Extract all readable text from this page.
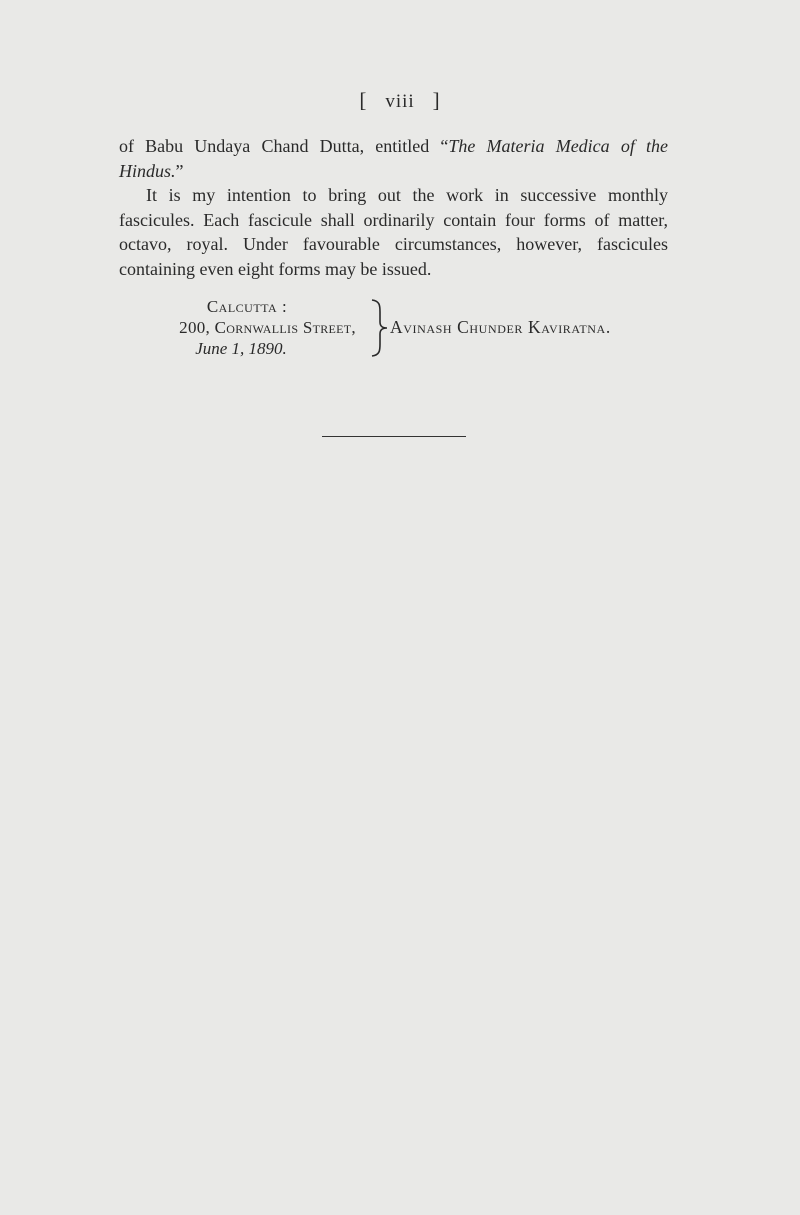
[ viii ]

of Babu Undaya Chand Dutta, entitled “The Materia Medica of the Hindus.”

It is my intention to bring out the work in successive monthly fascicules. Each fascicule shall ordinarily contain four forms of matter, octavo, royal. Under favourable circumstances, however, fascicules containing even eight forms may be issued.

Calcutta :
200, Cornwallis Street,
June 1, 1890.
Avinash Chunder Kaviratna.
